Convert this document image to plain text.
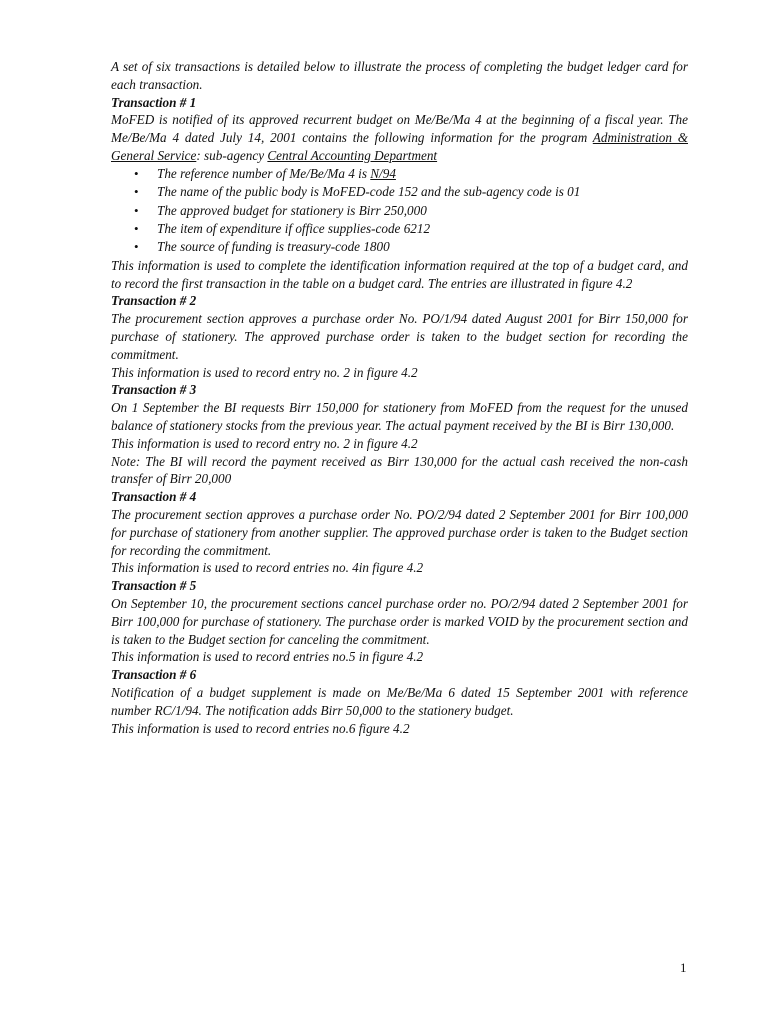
A set of six transactions is detailed below to illustrate the process of completing the budget ledger card for each transaction.

Transaction # 1

MoFED is notified of its approved recurrent budget on Me/Be/Ma 4 at the beginning of a fiscal year. The Me/Be/Ma 4 dated July 14, 2001 contains the following information for the program Administration & General Service: sub-agency Central Accounting Department

• The reference number of Me/Be/Ma 4 is N/94
• The name of the public body is MoFED-code 152 and the sub-agency code is 01
• The approved budget for stationery is Birr 250,000
• The item of expenditure if office supplies-code 6212
• The source of funding is treasury-code 1800

This information is used to complete the identification information required at the top of a budget card, and to record the first transaction in the table on a budget card. The entries are illustrated in figure 4.2

Transaction # 2

The procurement section approves a purchase order No. PO/1/94 dated August 2001 for Birr 150,000 for purchase of stationery. The approved purchase order is taken to the budget section for recording the commitment.

This information is used to record entry no. 2 in figure 4.2

Transaction # 3

On 1 September the BI requests Birr 150,000 for stationery from MoFED from the request for the unused balance of stationery stocks from the previous year. The actual payment received by the BI is Birr 130,000.

This information is used to record entry no. 2 in figure 4.2

Note: The BI will record the payment received as Birr 130,000 for the actual cash received the non-cash transfer of Birr 20,000

Transaction # 4

The procurement section approves a purchase order No. PO/2/94 dated 2 September 2001 for Birr 100,000 for purchase of stationery from another supplier. The approved purchase order is taken to the Budget section for recording the commitment.

This information is used to record entries no. 4in figure 4.2

Transaction # 5

On September 10, the procurement sections cancel purchase order no. PO/2/94 dated 2 September 2001 for Birr 100,000 for purchase of stationery. The purchase order is marked VOID by the procurement section and is taken to the Budget section for canceling the commitment.

This information is used to record entries no.5 in figure 4.2

Transaction # 6

Notification of a budget supplement is made on Me/Be/Ma 6 dated 15 September 2001 with reference number RC/1/94. The notification adds Birr 50,000 to the stationery budget.

This information is used to record entries no.6 figure 4.2

1
